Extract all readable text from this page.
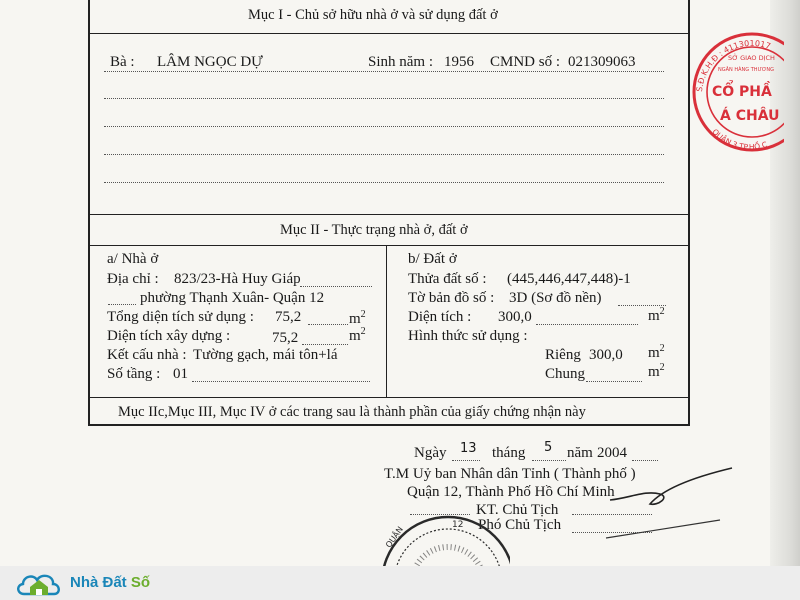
Mục I - Chủ sở hữu nhà ở và sử dụng đất ở
Bà : LÂM NGỌC DỰ	Sinh năm : 1956 CMND số : 021309063
Mục II - Thực trạng nhà ở, đất ở
a/ Nhà ở
Địa chỉ : 823/23-Hà Huy Giáp
phường Thạnh Xuân- Quận 12
Tổng diện tích sử dụng : 75,2	$m^2$
Diện tích xây dựng :	75,2	$m^2$
Kết cấu nhà : Tường gạch, mái tôn+lá
Số tầng : 01
b/ Đất ở
Thửa đất số : (445,446,447,448)-1
Tờ bản đồ số : 3D (Sơ đồ nền)
Diện tích : 300,0	$m^2$
Hình thức sử dụng :
Riêng 300,0 $m^2$
Chung	$m^2$
Mục IIc,Mục III, Mục IV ở các trang sau là thành phần của giấy chứng nhận này
Ngày 13 tháng 5 năm 2004
T.M Uỷ ban Nhân dân Tỉnh ( Thành phố )
Quận 12, Thành Phố Hồ Chí Minh
KT. Chủ Tịch
Phó Chủ Tịch
S.Đ.K.H.Đ : 411301017
SỞ GIAO DỊCH
NGÂN HÀNG THƯƠNG
CỔ PHẦ
Á CHÂU
QUẬN 3 TP.HỒ C
12
QUẬN
Nhà Đất Số
